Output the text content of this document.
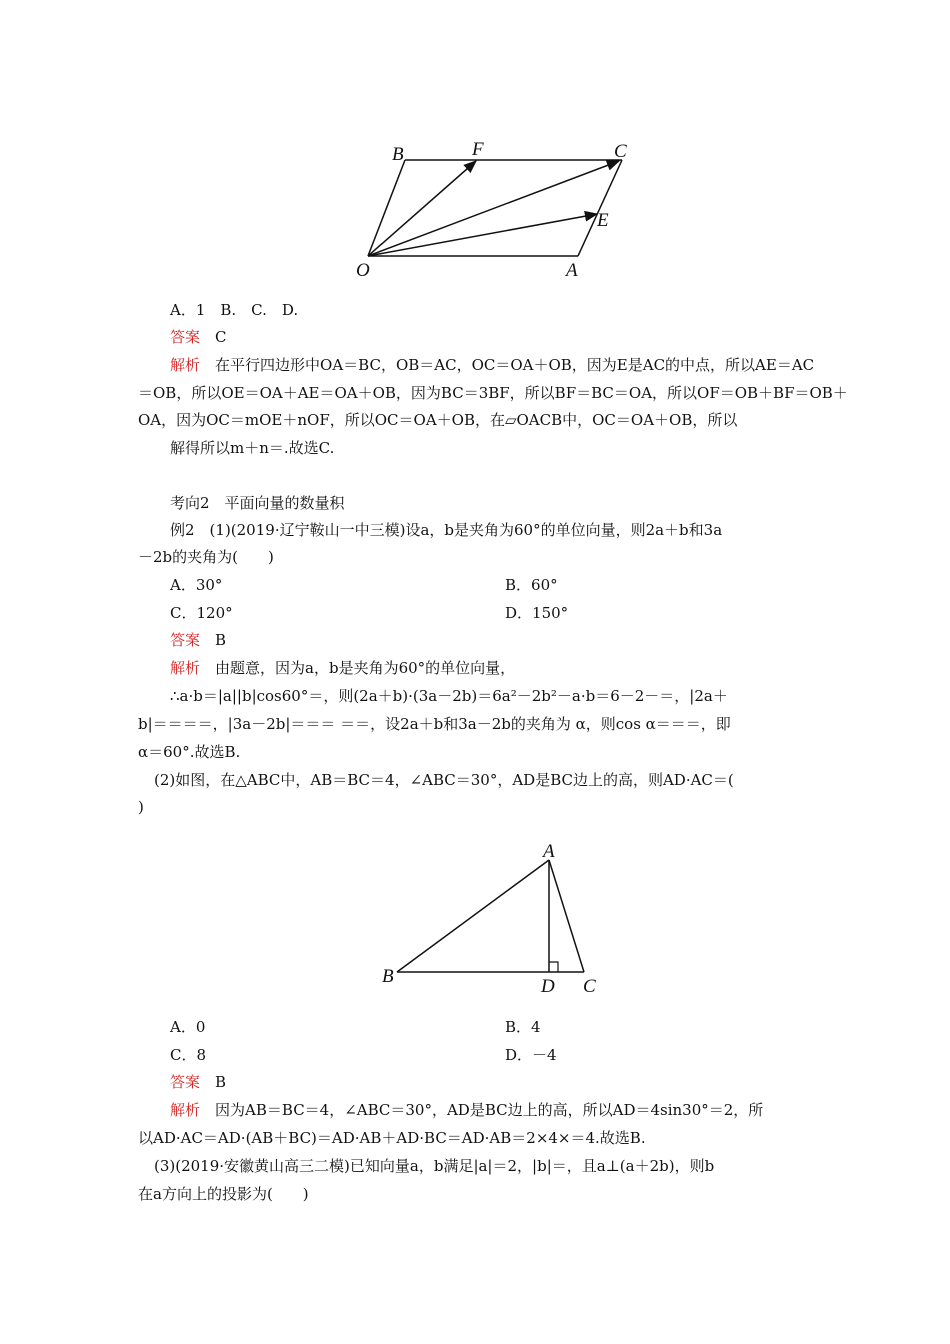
B	F	C
E
O	A
A．1　B.　C.　D.
答案　 C
解析　 在平行四边形中OA＝BC，OB＝AC，OC＝OA＋OB，因为E是AC的中点，所以AE＝AC
＝OB，所以OE＝OA＋AE＝OA＋OB，因为BC＝3BF，所以BF＝BC＝OA，所以OF＝OB＋BF＝OB＋
OA，因为OC＝mOE＋nOF，所以OC＝OA＋OB，在▱OACB中，OC＝OA＋OB，所以
解得所以m＋n＝.故选C.
考向2　平面向量的数量积
例2　(1)(2019·辽宁鞍山一中三模)设a，b是夹角为60°的单位向量，则2a＋b和3a
－2b的夹角为(　　)
A．30°	B．60°
C．120°	D．150°
答案　 B
解析　 由题意，因为a，b是夹角为60°的单位向量，
∴a·b＝|a||b|cos60°＝，则(2a＋b)·(3a－2b)＝6a²－2b²－a·b＝6－2－＝，|2a＋
b|＝＝＝＝，|3a－2b|＝＝＝ ＝＝，设2a＋b和3a－2b的夹角为 α，则cos α＝＝＝，即
α＝60°.故选B.
(2)如图，在△ABC中，AB＝BC＝4，∠ABC＝30°，AD是BC边上的高，则AD·AC＝(
)
A
B	D C
A．0	B．4
C．8	D．－4
答案　 B
解析　 因为AB＝BC＝4，∠ABC＝30°，AD是BC边上的高，所以AD＝4sin30°＝2，所
以AD·AC＝AD·(AB＋BC)＝AD·AB＋AD·BC＝AD·AB＝2×4×＝4.故选B.
(3)(2019·安徽黄山高三二模)已知向量a，b满足|a|＝2，|b|＝，且a⊥(a＋2b)，则b
在a方向上的投影为(　　)
